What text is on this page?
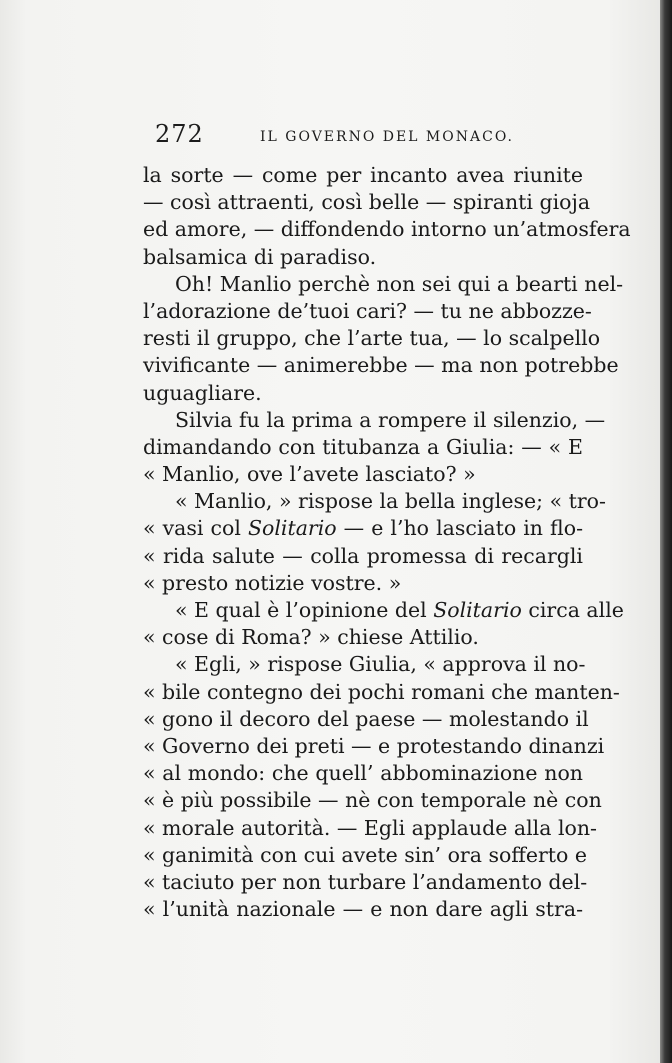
272	IL GOVERNO DEL MONACO.
la sorte — come per incanto avea riunite
— così attraenti, così belle — spiranti gioja
ed amore, — diffondendo intorno un’atmosfera
balsamica di paradiso.
Oh! Manlio perchè non sei qui a bearti nel-
l’adorazione de’tuoi cari? — tu ne abbozze-
resti il gruppo, che l’arte tua, — lo scalpello
vivificante — animerebbe — ma non potrebbe
uguagliare.
Silvia fu la prima a rompere il silenzio, —
dimandando con titubanza a Giulia: — « E
« Manlio, ove l’avete lasciato? »
« Manlio, » rispose la bella inglese; « tro-
« vasi col Solitario — e l’ho lasciato in flo-
« rida salute — colla promessa di recargli
« presto notizie vostre. »
« E qual è l’opinione del Solitario circa alle
« cose di Roma? » chiese Attilio.
« Egli, » rispose Giulia, « approva il no-
« bile contegno dei pochi romani che manten-
« gono il decoro del paese — molestando il
« Governo dei preti — e protestando dinanzi
« al mondo: che quell’ abbominazione non
« è più possibile — nè con temporale nè con
« morale autorità. — Egli applaude alla lon-
« ganimità con cui avete sin’ ora sofferto e
« taciuto per non turbare l’andamento del-
« l’unità nazionale — e non dare agli stra-
